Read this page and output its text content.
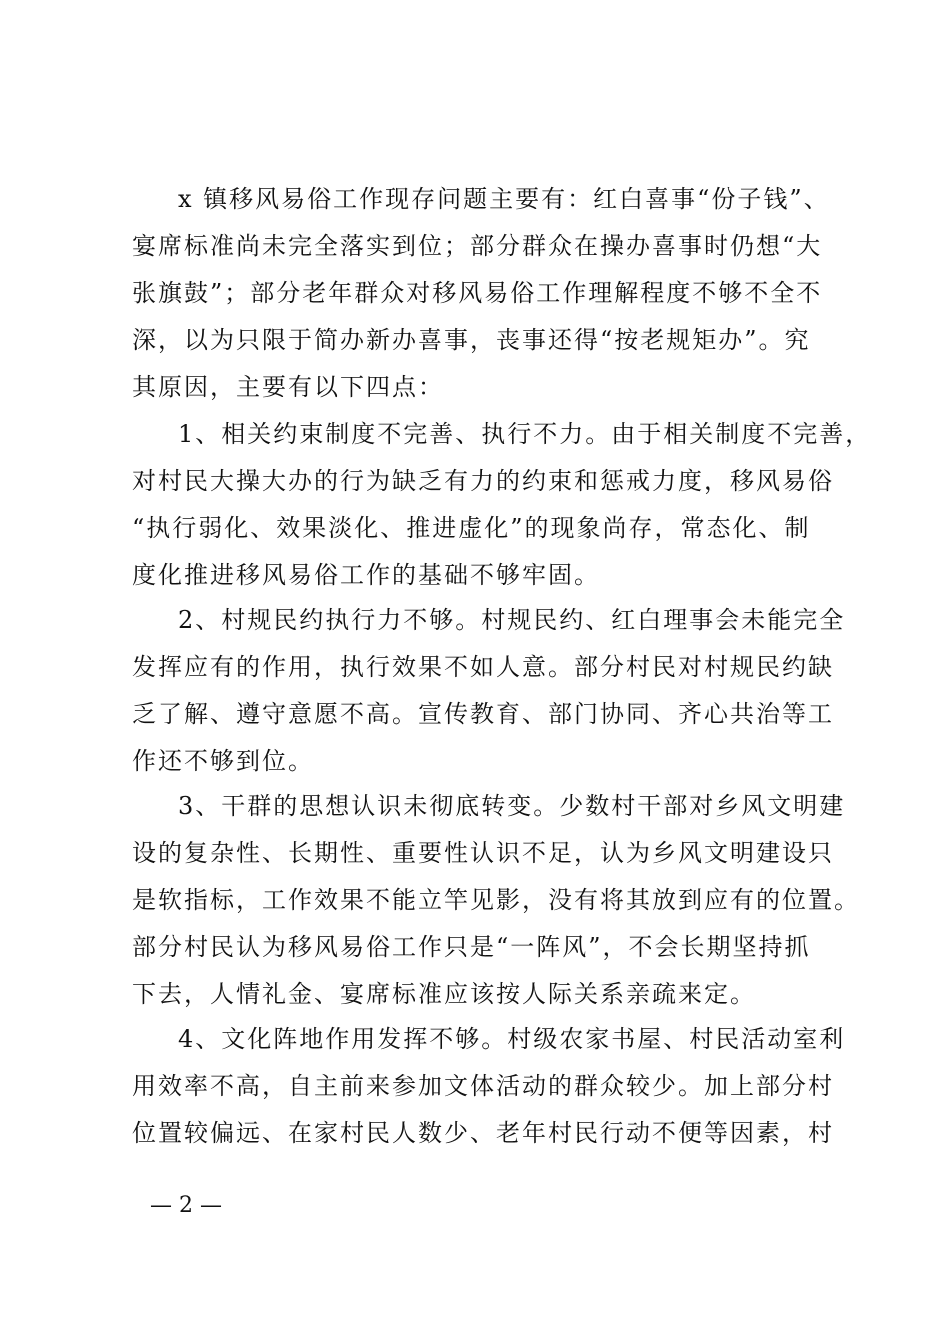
x 镇移风易俗工作现存问题主要有：红白喜事“份子钱”、
宴席标准尚未完全落实到位；部分群众在操办喜事时仍想“大
张旗鼓”；部分老年群众对移风易俗工作理解程度不够不全不
深，以为只限于简办新办喜事，丧事还得“按老规矩办”。究
其原因，主要有以下四点：
1、相关约束制度不完善、执行不力。由于相关制度不完善，
对村民大操大办的行为缺乏有力的约束和惩戒力度，移风易俗
“执行弱化、效果淡化、推进虚化”的现象尚存，常态化、制
度化推进移风易俗工作的基础不够牢固。
2、村规民约执行力不够。村规民约、红白理事会未能完全
发挥应有的作用，执行效果不如人意。部分村民对村规民约缺
乏了解、遵守意愿不高。宣传教育、部门协同、齐心共治等工
作还不够到位。
3、干群的思想认识未彻底转变。少数村干部对乡风文明建
设的复杂性、长期性、重要性认识不足，认为乡风文明建设只
是软指标，工作效果不能立竿见影，没有将其放到应有的位置。
部分村民认为移风易俗工作只是“一阵风”，不会长期坚持抓
下去，人情礼金、宴席标准应该按人际关系亲疏来定。
4、文化阵地作用发挥不够。村级农家书屋、村民活动室利
用效率不高，自主前来参加文体活动的群众较少。加上部分村
位置较偏远、在家村民人数少、老年村民行动不便等因素，村
— 2 —
